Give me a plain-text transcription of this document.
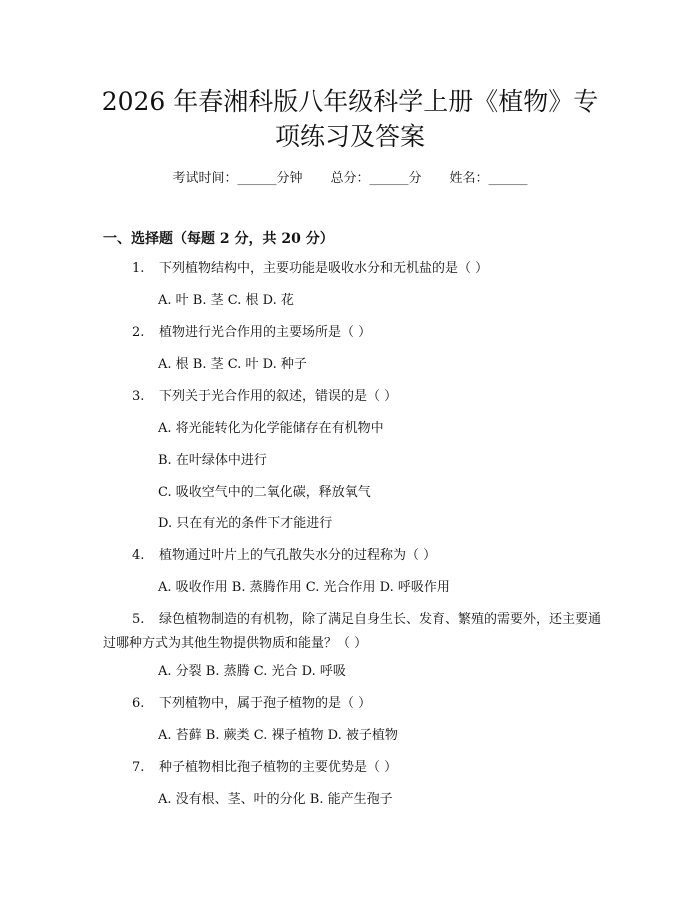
2026 年春湘科版八年级科学上册《植物》专
项练习及答案
考试时间：______分钟 总分：______分 姓名：______
一、选择题（每题 2 分，共 20 分）
1. 下列植物结构中，主要功能是吸收水分和无机盐的是（ ）
A. 叶 B. 茎 C. 根 D. 花
2. 植物进行光合作用的主要场所是（ ）
A. 根 B. 茎 C. 叶 D. 种子
3. 下列关于光合作用的叙述，错误的是（ ）
A. 将光能转化为化学能储存在有机物中
B. 在叶绿体中进行
C. 吸收空气中的二氧化碳，释放氧气
D. 只在有光的条件下才能进行
4. 植物通过叶片上的气孔散失水分的过程称为（ ）
A. 吸收作用 B. 蒸腾作用 C. 光合作用 D. 呼吸作用
5. 绿色植物制造的有机物，除了满足自身生长、发育、繁殖的需要外，还主要通过哪种方式为其他生物提供物质和能量？（ ）
A. 分裂 B. 蒸腾 C. 光合 D. 呼吸
6. 下列植物中，属于孢子植物的是（ ）
A. 苔藓 B. 蕨类 C. 裸子植物 D. 被子植物
7. 种子植物相比孢子植物的主要优势是（ ）
A. 没有根、茎、叶的分化 B. 能产生孢子
